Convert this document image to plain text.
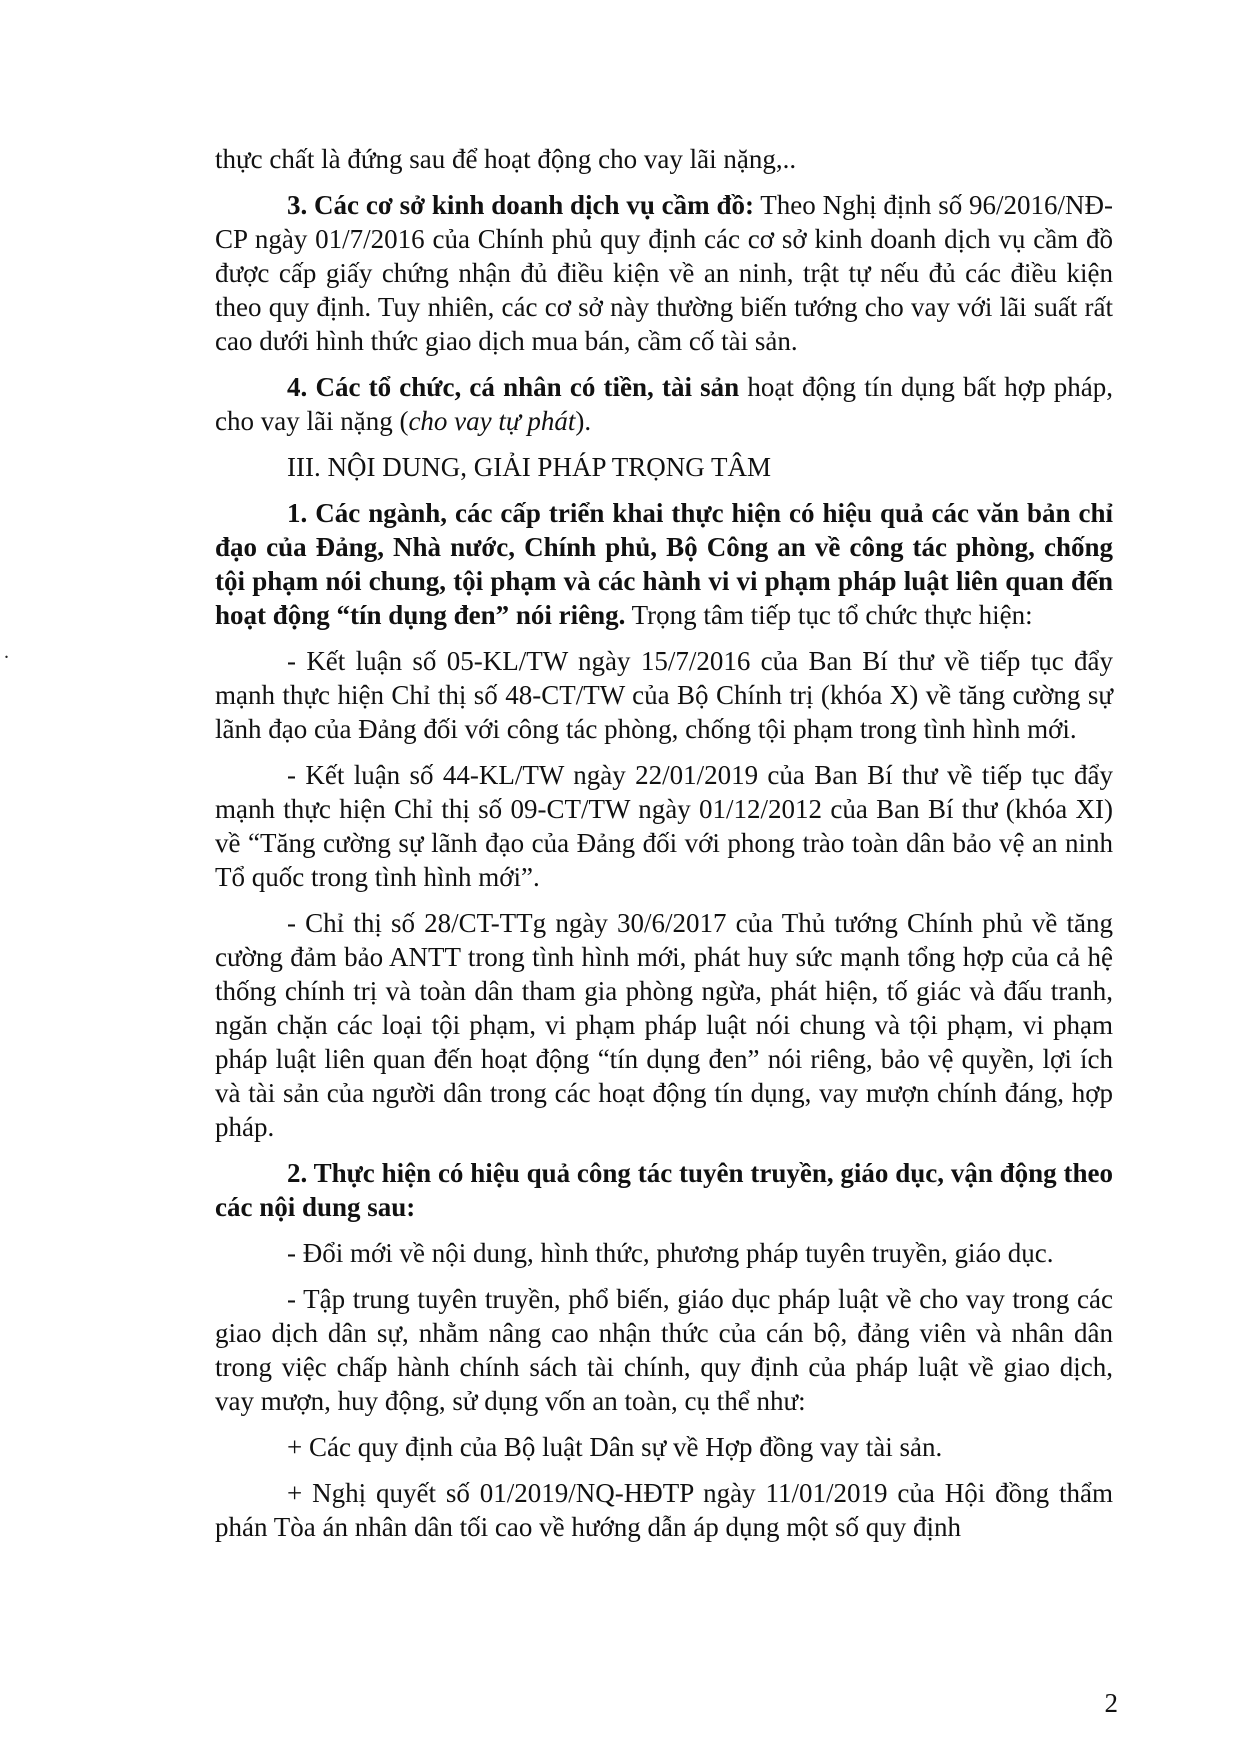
.

thực chất là đứng sau để hoạt động cho vay lãi nặng,..

3. Các cơ sở kinh doanh dịch vụ cầm đồ: Theo Nghị định số 96/2016/NĐ-CP ngày 01/7/2016 của Chính phủ quy định các cơ sở kinh doanh dịch vụ cầm đồ được cấp giấy chứng nhận đủ điều kiện về an ninh, trật tự nếu đủ các điều kiện theo quy định. Tuy nhiên, các cơ sở này thường biến tướng cho vay với lãi suất rất cao dưới hình thức giao dịch mua bán, cầm cố tài sản.

4. Các tổ chức, cá nhân có tiền, tài sản hoạt động tín dụng bất hợp pháp, cho vay lãi nặng (cho vay tự phát).

III. NỘI DUNG, GIẢI PHÁP TRỌNG TÂM

1. Các ngành, các cấp triển khai thực hiện có hiệu quả các văn bản chỉ đạo của Đảng, Nhà nước, Chính phủ, Bộ Công an về công tác phòng, chống tội phạm nói chung, tội phạm và các hành vi vi phạm pháp luật liên quan đến hoạt động “tín dụng đen” nói riêng. Trọng tâm tiếp tục tổ chức thực hiện:

- Kết luận số 05-KL/TW ngày 15/7/2016 của Ban Bí thư về tiếp tục đẩy mạnh thực hiện Chỉ thị số 48-CT/TW của Bộ Chính trị (khóa X) về tăng cường sự lãnh đạo của Đảng đối với công tác phòng, chống tội phạm trong tình hình mới.

- Kết luận số 44-KL/TW ngày 22/01/2019 của Ban Bí thư về tiếp tục đẩy mạnh thực hiện Chỉ thị số 09-CT/TW ngày 01/12/2012 của Ban Bí thư (khóa XI) về “Tăng cường sự lãnh đạo của Đảng đối với phong trào toàn dân bảo vệ an ninh Tổ quốc trong tình hình mới”.

- Chỉ thị số 28/CT-TTg ngày 30/6/2017 của Thủ tướng Chính phủ về tăng cường đảm bảo ANTT trong tình hình mới, phát huy sức mạnh tổng hợp của cả hệ thống chính trị và toàn dân tham gia phòng ngừa, phát hiện, tố giác và đấu tranh, ngăn chặn các loại tội phạm, vi phạm pháp luật nói chung và tội phạm, vi phạm pháp luật liên quan đến hoạt động “tín dụng đen” nói riêng, bảo vệ quyền, lợi ích và tài sản của người dân trong các hoạt động tín dụng, vay mượn chính đáng, hợp pháp.

2. Thực hiện có hiệu quả công tác tuyên truyền, giáo dục, vận động theo các nội dung sau:

- Đổi mới về nội dung, hình thức, phương pháp tuyên truyền, giáo dục.

- Tập trung tuyên truyền, phổ biến, giáo dục pháp luật về cho vay trong các giao dịch dân sự, nhằm nâng cao nhận thức của cán bộ, đảng viên và nhân dân trong việc chấp hành chính sách tài chính, quy định của pháp luật về giao dịch, vay mượn, huy động, sử dụng vốn an toàn, cụ thể như:

+ Các quy định của Bộ luật Dân sự về Hợp đồng vay tài sản.

+ Nghị quyết số 01/2019/NQ-HĐTP ngày 11/01/2019 của Hội đồng thẩm phán Tòa án nhân dân tối cao về hướng dẫn áp dụng một số quy định

2
